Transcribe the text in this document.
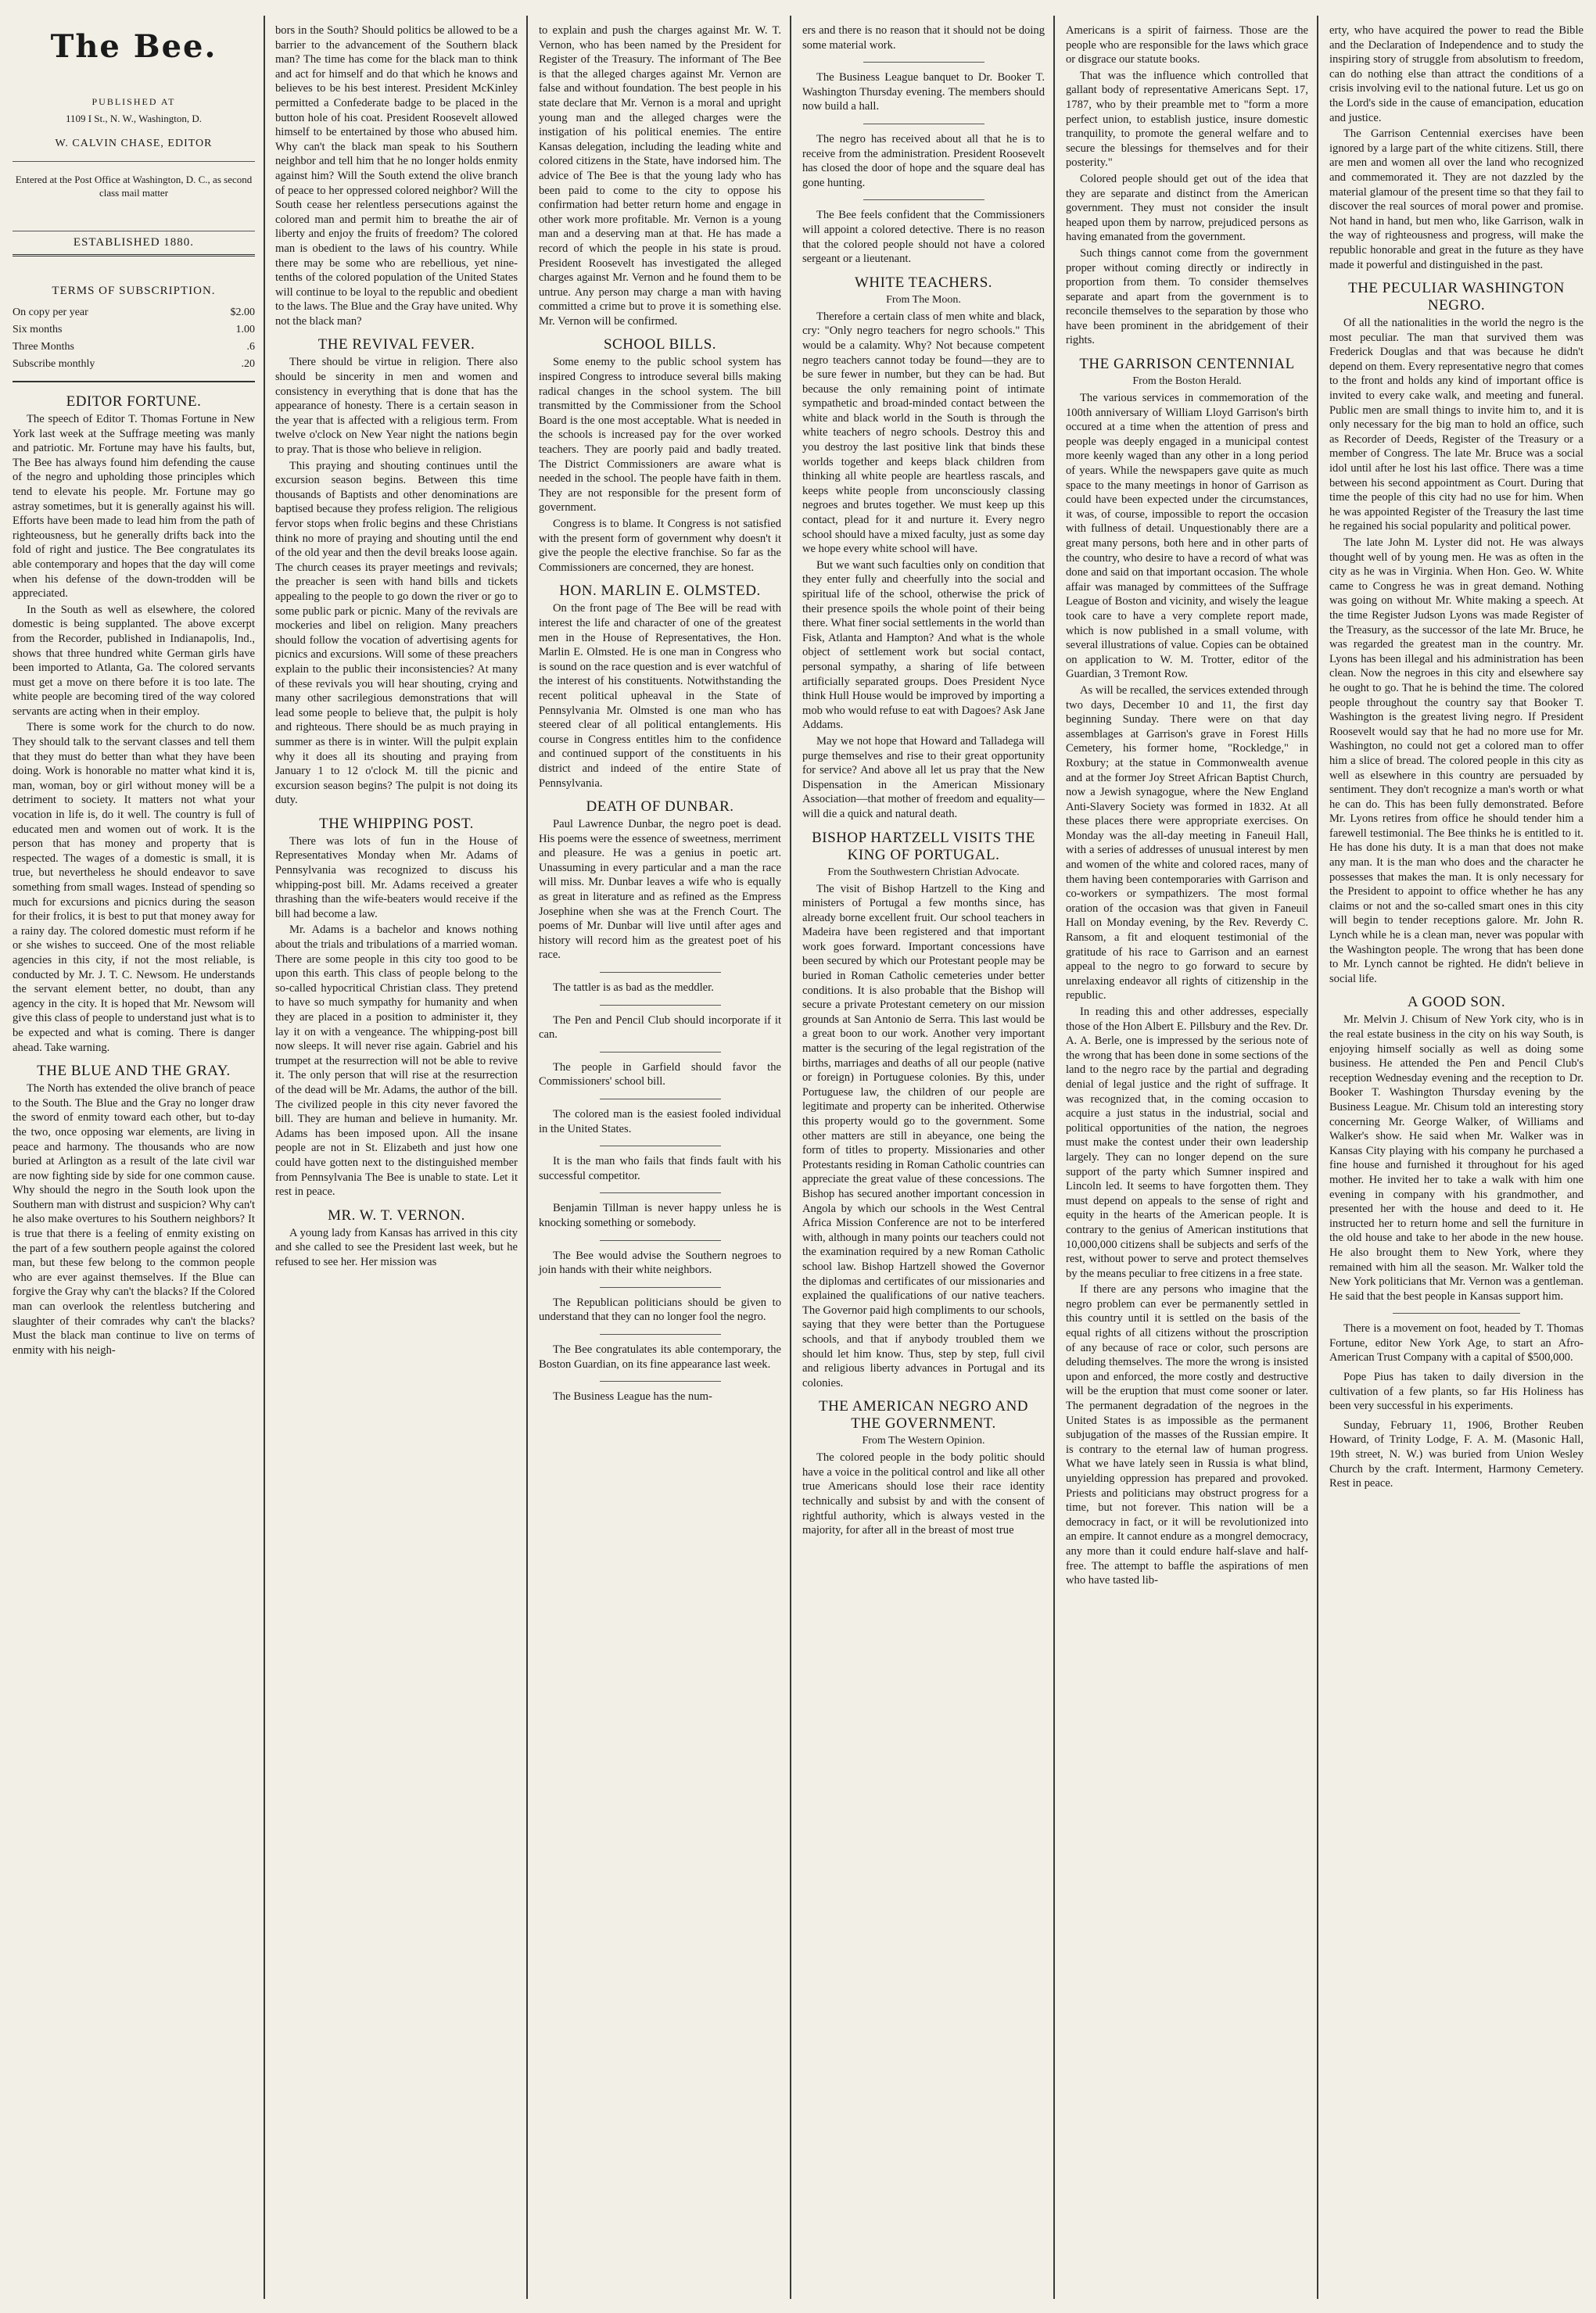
The Bee.
PUBLISHED AT
1109 I St., N. W., Washington, D.
W. CALVIN CHASE, EDITOR
Entered at the Post Office at Washington, D. C., as second class mail matter
ESTABLISHED 1880.
TERMS OF SUBSCRIPTION.
On copy per year	$2.00
Six months	1.00
Three Months	.6
Subscribe monthly	.20
EDITOR FORTUNE.

The speech of Editor T. Thomas Fortune in New York last week at the Suffrage meeting was manly and patriotic. Mr. Fortune may have his faults, but, The Bee has always found him defending the cause of the negro and upholding those principles which tend to elevate his people. Mr. Fortune may go astray sometimes, but it is generally against his will. Efforts have been made to lead him from the path of righteousness, but he generally drifts back into the fold of right and justice. The Bee congratulates its able contemporary and hopes that the day will come when his defense of the down-trodden will be appreciated.

In the South as well as elsewhere, the colored domestic is being supplanted. The above excerpt from the Recorder, published in Indianapolis, Ind., shows that three hundred white German girls have been imported to Atlanta, Ga. The colored servants must get a move on there before it is too late. The white people are becoming tired of the way colored servants are acting when in their employ.

There is some work for the church to do now. They should talk to the servant classes and tell them that they must do better than what they have been doing. Work is honorable no matter what kind it is, man, woman, boy or girl without money will be a detriment to society. It matters not what your vocation in life is, do it well. The country is full of educated men and women out of work. It is the person that has money and property that is respected. The wages of a domestic is small, it is true, but nevertheless he should endeavor to save something from small wages. Instead of spending so much for excursions and picnics during the season for their frolics, it is best to put that money away for a rainy day. The colored domestic must reform if he or she wishes to succeed. One of the most reliable agencies in this city, if not the most reliable, is conducted by Mr. J. T. C. Newsom. He understands the servant element better, no doubt, than any agency in the city. It is hoped that Mr. Newsom will give this class of people to understand just what is to be expected and what is coming. There is danger ahead. Take warning.

THE BLUE AND THE GRAY.

The North has extended the olive branch of peace to the South. The Blue and the Gray no longer draw the sword of enmity toward each other, but to-day the two, once opposing war elements, are living in peace and harmony. The thousands who are now buried at Arlington as a result of the late civil war are now fighting side by side for one common cause. Why should the negro in the South look upon the Southern man with distrust and suspicion? Why can't he also make overtures to his Southern neighbors? It is true that there is a feeling of enmity existing on the part of a few southern people against the colored man, but these few belong to the common people who are ever against themselves. If the Blue can forgive the Gray why can't the blacks? If the Colored man can overlook the relentless butchering and slaughter of their comrades why can't the blacks? Must the black man continue to live on terms of enmity with his neigh-

bors in the South? Should politics be allowed to be a barrier to the advancement of the Southern black man? The time has come for the black man to think and act for himself and do that which he knows and believes to be his best interest. President McKinley permitted a Confederate badge to be placed in the button hole of his coat. President Roosevelt allowed himself to be entertained by those who abused him. Why can't the black man speak to his Southern neighbor and tell him that he no longer holds enmity against him? Will the South extend the olive branch of peace to her oppressed colored neighbor? Will the South cease her relentless persecutions against the colored man and permit him to breathe the air of liberty and enjoy the fruits of freedom? The colored man is obedient to the laws of his country. While there may be some who are rebellious, yet nine-tenths of the colored population of the United States will continue to be loyal to the republic and obedient to the laws. The Blue and the Gray have united. Why not the black man?

THE REVIVAL FEVER.

There should be virtue in religion. There also should be sincerity in men and women and consistency in everything that is done that has the appearance of honesty. There is a certain season in the year that is affected with a religious term. From twelve o'clock on New Year night the nations begin to pray. That is those who believe in religion.

This praying and shouting continues until the excursion season begins. Between this time thousands of Baptists and other denominations are baptised because they profess religion. The religious fervor stops when frolic begins and these Christians think no more of praying and shouting until the end of the old year and then the devil breaks loose again. The church ceases its prayer meetings and revivals; the preacher is seen with hand bills and tickets appealing to the people to go down the river or go to some public park or picnic. Many of the revivals are mockeries and libel on religion. Many preachers should follow the vocation of advertising agents for picnics and excursions. Will some of these preachers explain to the public their inconsistencies? At many of these revivals you will hear shouting, crying and many other sacrilegious demonstrations that will lead some people to believe that, the pulpit is holy and righteous. There should be as much praying in summer as there is in winter. Will the pulpit explain why it does all its shouting and praying from January 1 to 12 o'clock M. till the picnic and excursion season begins? The pulpit is not doing its duty.

THE WHIPPING POST.

There was lots of fun in the House of Representatives Monday when Mr. Adams of Pennsylvania was recognized to discuss his whipping-post bill. Mr. Adams received a greater thrashing than the wife-beaters would receive if the bill had become a law.

Mr. Adams is a bachelor and knows nothing about the trials and tribulations of a married woman. There are some people in this city too good to be upon this earth. This class of people belong to the so-called hypocritical Christian class. They pretend to have so much sympathy for humanity and when they are placed in a position to administer it, they lay it on with a vengeance. The whipping-post bill now sleeps. It will never rise again. Gabriel and his trumpet at the resurrection will not be able to revive it. The only person that will rise at the resurrection of the dead will be Mr. Adams, the author of the bill. The civilized people in this city never favored the bill. They are human and believe in humanity. Mr. Adams has been imposed upon. All the insane people are not in St. Elizabeth and just how one could have gotten next to the distinguished member from Pennsylvania The Bee is unable to state. Let it rest in peace.

MR. W. T. VERNON.

A young lady from Kansas has arrived in this city and she called to see the President last week, but he refused to see her. Her mission was

to explain and push the charges against Mr. W. T. Vernon, who has been named by the President for Register of the Treasury. The informant of The Bee is that the alleged charges against Mr. Vernon are false and without foundation. The best people in his state declare that Mr. Vernon is a moral and upright young man and the alleged charges were the instigation of his political enemies. The entire Kansas delegation, including the leading white and colored citizens in the State, have indorsed him. The advice of The Bee is that the young lady who has been paid to come to the city to oppose his confirmation had better return home and engage in other work more profitable. Mr. Vernon is a young man and a deserving man at that. He has made a record of which the people in his state is proud. President Roosevelt has investigated the alleged charges against Mr. Vernon and he found them to be untrue. Any person may charge a man with having committed a crime but to prove it is something else. Mr. Vernon will be confirmed.

SCHOOL BILLS.

Some enemy to the public school system has inspired Congress to introduce several bills making radical changes in the school system. The bill transmitted by the Commissioner from the School Board is the one most acceptable. What is needed in the schools is increased pay for the over worked teachers. They are poorly paid and badly treated. The District Commissioners are aware what is needed in the school. The people have faith in them. They are not responsible for the present form of government.

Congress is to blame. It Congress is not satisfied with the present form of government why doesn't it give the people the elective franchise. So far as the Commissioners are concerned, they are honest.

HON. MARLIN E. OLMSTED.

On the front page of The Bee will be read with interest the life and character of one of the greatest men in the House of Representatives, the Hon. Marlin E. Olmsted. He is one man in Congress who is sound on the race question and is ever watchful of the interest of his constituents. Notwithstanding the recent political upheaval in the State of Pennsylvania Mr. Olmsted is one man who has steered clear of all political entanglements. His course in Congress entitles him to the confidence and continued support of the constituents in his district and indeed of the entire State of Pennsylvania.

DEATH OF DUNBAR.

Paul Lawrence Dunbar, the negro poet is dead. His poems were the essence of sweetness, merriment and pleasure. He was a genius in poetic art. Unassuming in every particular and a man the race will miss. Mr. Dunbar leaves a wife who is equally as great in literature and as refined as the Empress Josephine when she was at the French Court. The poems of Mr. Dunbar will live until after ages and history will record him as the greatest poet of his race.

The tattler is as bad as the meddler.

The Pen and Pencil Club should incorporate if it can.

The people in Garfield should favor the Commissioners' school bill.

The colored man is the easiest fooled individual in the United States.

It is the man who fails that finds fault with his successful competitor.

Benjamin Tillman is never happy unless he is knocking something or somebody.

The Bee would advise the Southern negroes to join hands with their white neighbors.

The Republican politicians should be given to understand that they can no longer fool the negro.

The Bee congratulates its able contemporary, the Boston Guardian, on its fine appearance last week.

The Business League has the num-

ers and there is no reason that it should not be doing some material work.

The Business League banquet to Dr. Booker T. Washington Thursday evening. The members should now build a hall.

The negro has received about all that he is to receive from the administration. President Roosevelt has closed the door of hope and the square deal has gone hunting.

The Bee feels confident that the Commissioners will appoint a colored detective. There is no reason that the colored people should not have a colored sergeant or a lieutenant.

WHITE TEACHERS.
From The Moon.

Therefore a certain class of men white and black, cry: "Only negro teachers for negro schools." This would be a calamity. Why? Not because competent negro teachers cannot today be found—they are to be sure fewer in number, but they can be had. But because the only remaining point of intimate sympathetic and broad-minded contact between the white and black world in the South is through the white teachers of negro schools. Destroy this and you destroy the last positive link that binds these worlds together and keeps black children from thinking all white people are heartless rascals, and keeps white people from unconsciously classing negroes and brutes together. We must keep up this contact, plead for it and nurture it. Every negro school should have a mixed faculty, just as some day we hope every white school will have.

But we want such faculties only on condition that they enter fully and cheerfully into the social and spiritual life of the school, otherwise the prick of their presence spoils the whole point of their being there. What finer social settlements in the world than Fisk, Atlanta and Hampton? And what is the whole object of settlement work but social contact, personal sympathy, a sharing of life between artificially separated groups. Does President Nyce think Hull House would be improved by importing a mob who would refuse to eat with Dagoes? Ask Jane Addams.

May we not hope that Howard and Talladega will purge themselves and rise to their great opportunity for service? And above all let us pray that the New Dispensation in the American Missionary Association—that mother of freedom and equality—will die a quick and natural death.

BISHOP HARTZELL VISITS THE KING OF PORTUGAL.
From the Southwestern Christian Advocate.

The visit of Bishop Hartzell to the King and ministers of Portugal a few months since, has already borne excellent fruit. Our school teachers in Madeira have been registered and that important work goes forward. Important concessions have been secured by which our Protestant people may be buried in Roman Catholic cemeteries under better conditions. It is also probable that the Bishop will secure a private Protestant cemetery on our mission grounds at San Antonio de Serra. This last would be a great boon to our work. Another very important matter is the securing of the legal registration of the births, marriages and deaths of all our people (native or foreign) in Portuguese colonies. By this, under Portuguese law, the children of our people are legitimate and property can be inherited. Otherwise this property would go to the government. Some other matters are still in abeyance, one being the form of titles to property. Missionaries and other Protestants residing in Roman Catholic countries can appreciate the great value of these concessions. The Bishop has secured another important concession in Angola by which our schools in the West Central Africa Mission Conference are not to be interfered with, although in many points our teachers could not the examination required by a new Roman Catholic school law. Bishop Hartzell showed the Governor the diplomas and certificates of our missionaries and explained the qualifications of our native teachers. The Governor paid high compliments to our schools, saying that they were better than the Portuguese schools, and that if anybody troubled them we should let him know. Thus, step by step, full civil and religious liberty advances in Portugal and its colonies.

THE AMERICAN NEGRO AND THE GOVERNMENT.
From The Western Opinion.

The colored people in the body politic should have a voice in the political control and like all other true Americans should lose their race identity technically and subsist by and with the consent of rightful authority, which is always vested in the majority, for after all in the breast of most true

Americans is a spirit of fairness. Those are the people who are responsible for the laws which grace or disgrace our statute books.

That was the influence which controlled that gallant body of representative Americans Sept. 17, 1787, who by their preamble met to "form a more perfect union, to establish justice, insure domestic tranquility, to promote the general welfare and to secure the blessings for themselves and for their posterity."

Colored people should get out of the idea that they are separate and distinct from the American government. They must not consider the insult heaped upon them by narrow, prejudiced persons as having emanated from the government.

Such things cannot come from the government proper without coming directly or indirectly in proportion from them. To consider themselves separate and apart from the government is to reconcile themselves to the separation by those who have been prominent in the abridgement of their rights.

THE GARRISON CENTENNIAL
From the Boston Herald.

The various services in commemoration of the 100th anniversary of William Lloyd Garrison's birth occured at a time when the attention of press and people was deeply engaged in a municipal contest more keenly waged than any other in a long period of years. While the newspapers gave quite as much space to the many meetings in honor of Garrison as could have been expected under the circumstances, it was, of course, impossible to report the occasion with fullness of detail. Unquestionably there are a great many persons, both here and in other parts of the country, who desire to have a record of what was done and said on that important occasion. The whole affair was managed by committees of the Suffrage League of Boston and vicinity, and wisely the league took care to have a very complete report made, which is now published in a small volume, with several illustrations of value. Copies can be obtained on application to W. M. Trotter, editor of the Guardian, 3 Tremont Row.

As will be recalled, the services extended through two days, December 10 and 11, the first day beginning Sunday. There were on that day assemblages at Garrison's grave in Forest Hills Cemetery, his former home, "Rockledge," in Roxbury; at the statue in Commonwealth avenue and at the former Joy Street African Baptist Church, now a Jewish synagogue, where the New England Anti-Slavery Society was formed in 1832. At all these places there were appropriate exercises. On Monday was the all-day meeting in Faneuil Hall, with a series of addresses of unusual interest by men and women of the white and colored races, many of them having been contemporaries with Garrison and co-workers or sympathizers. The most formal oration of the occasion was that given in Faneuil Hall on Monday evening, by the Rev. Reverdy C. Ransom, a fit and eloquent testimonial of the gratitude of his race to Garrison and an earnest appeal to the negro to go forward to secure by unrelaxing endeavor all rights of citizenship in the republic.

In reading this and other addresses, especially those of the Hon Albert E. Pillsbury and the Rev. Dr. A. A. Berle, one is impressed by the serious note of the wrong that has been done in some sections of the land to the negro race by the partial and degrading denial of legal justice and the right of suffrage. It was recognized that, in the coming occasion to acquire a just status in the industrial, social and political opportunities of the nation, the negroes must make the contest under their own leadership largely. They can no longer depend on the sure support of the party which Sumner inspired and Lincoln led. It seems to have forgotten them. They must depend on appeals to the sense of right and equity in the hearts of the American people. It is contrary to the genius of American institutions that 10,000,000 citizens shall be subjects and serfs of the rest, without power to serve and protect themselves by the means peculiar to free citizens in a free state.

If there are any persons who imagine that the negro problem can ever be permanently settled in this country until it is settled on the basis of the equal rights of all citizens without the proscription of any because of race or color, such persons are deluding themselves. The more the wrong is insisted upon and enforced, the more costly and destructive will be the eruption that must come sooner or later. The permanent degradation of the negroes in the United States is as impossible as the permanent subjugation of the masses of the Russian empire. It is contrary to the eternal law of human progress. What we have lately seen in Russia is what blind, unyielding oppression has prepared and provoked. Priests and politicians may obstruct progress for a time, but not forever. This nation will be a democracy in fact, or it will be revolutionized into an empire. It cannot endure as a mongrel democracy, any more than it could endure half-slave and half-free. The attempt to baffle the aspirations of men who have tasted lib-

erty, who have acquired the power to read the Bible and the Declaration of Independence and to study the inspiring story of struggle from absolutism to freedom, can do nothing else than attract the conditions of a crisis involving evil to the national future. Let us go on the Lord's side in the cause of emancipation, education and justice.

The Garrison Centennial exercises have been ignored by a large part of the white citizens. Still, there are men and women all over the land who recognized and commemorated it. They are not dazzled by the material glamour of the present time so that they fail to discover the real sources of moral power and promise. Not hand in hand, but men who, like Garrison, walk in the way of righteousness and progress, will make the republic honorable and great in the future as they have made it powerful and distinguished in the past.

THE PECULIAR WASHINGTON NEGRO.

Of all the nationalities in the world the negro is the most peculiar. The man that survived them was Frederick Douglas and that was because he didn't depend on them. Every representative negro that comes to the front and holds any kind of important office is invited to every cake walk, and meeting and funeral. Public men are small things to invite him to, and it is only necessary for the big man to hold an office, such as Recorder of Deeds, Register of the Treasury or a member of Congress. The late Mr. Bruce was a social idol until after he lost his last office. There was a time between his second appointment as Court. During that time the people of this city had no use for him. When he was appointed Register of the Treasury the last time he regained his social popularity and political power.

The late John M. Lyster did not. He was always thought well of by young men. He was as often in the city as he was in Virginia. When Hon. Geo. W. White came to Congress he was in great demand. Nothing was going on without Mr. White making a speech. At the time Register Judson Lyons was made Register of the Treasury, as the successor of the late Mr. Bruce, he was regarded the greatest man in the country. Mr. Lyons has been illegal and his administration has been clean. Now the negroes in this city and elsewhere say he ought to go. That he is behind the time. The colored people throughout the country say that Booker T. Washington is the greatest living negro. If President Roosevelt would say that he had no more use for Mr. Washington, no could not get a colored man to offer him a slice of bread. The colored people in this city as well as elsewhere in this country are persuaded by sentiment. They don't recognize a man's worth or what he can do. This has been fully demonstrated. Before Mr. Lyons retires from office he should tender him a farewell testimonial. The Bee thinks he is entitled to it. He has done his duty. It is a man that does not make any man. It is the man who does and the character he possesses that makes the man. It is only necessary for the President to appoint to office whether he has any claims or not and the so-called smart ones in this city will begin to tender receptions galore. Mr. John R. Lynch while he is a clean man, never was popular with the Washington people. The wrong that has been done to Mr. Lynch cannot be righted. He didn't believe in social life.

A GOOD SON.

Mr. Melvin J. Chisum of New York city, who is in the real estate business in the city on his way South, is enjoying himself socially as well as doing some business. He attended the Pen and Pencil Club's reception Wednesday evening and the reception to Dr. Booker T. Washington Thursday evening by the Business League. Mr. Chisum told an interesting story concerning Mr. George Walker, of Williams and Walker's show. He said when Mr. Walker was in Kansas City playing with his company he purchased a fine house and furnished it throughout for his aged mother. He invited her to take a walk with him one evening in company with his grandmother, and presented her with the house and deed to it. He instructed her to return home and sell the furniture in the old house and take to her abode in the new house. He also brought them to New York, where they remained with him all the season. Mr. Walker told the New York politicians that Mr. Vernon was a gentleman. He said that the best people in Kansas support him.

There is a movement on foot, headed by T. Thomas Fortune, editor New York Age, to start an Afro-American Trust Company with a capital of $500,000.

Pope Pius has taken to daily diversion in the cultivation of a few plants, so far His Holiness has been very successful in his experiments.

Sunday, February 11, 1906, Brother Reuben Howard, of Trinity Lodge, F. A. M. (Masonic Hall, 19th street, N. W.) was buried from Union Wesley Church by the craft. Interment, Harmony Cemetery. Rest in peace.
